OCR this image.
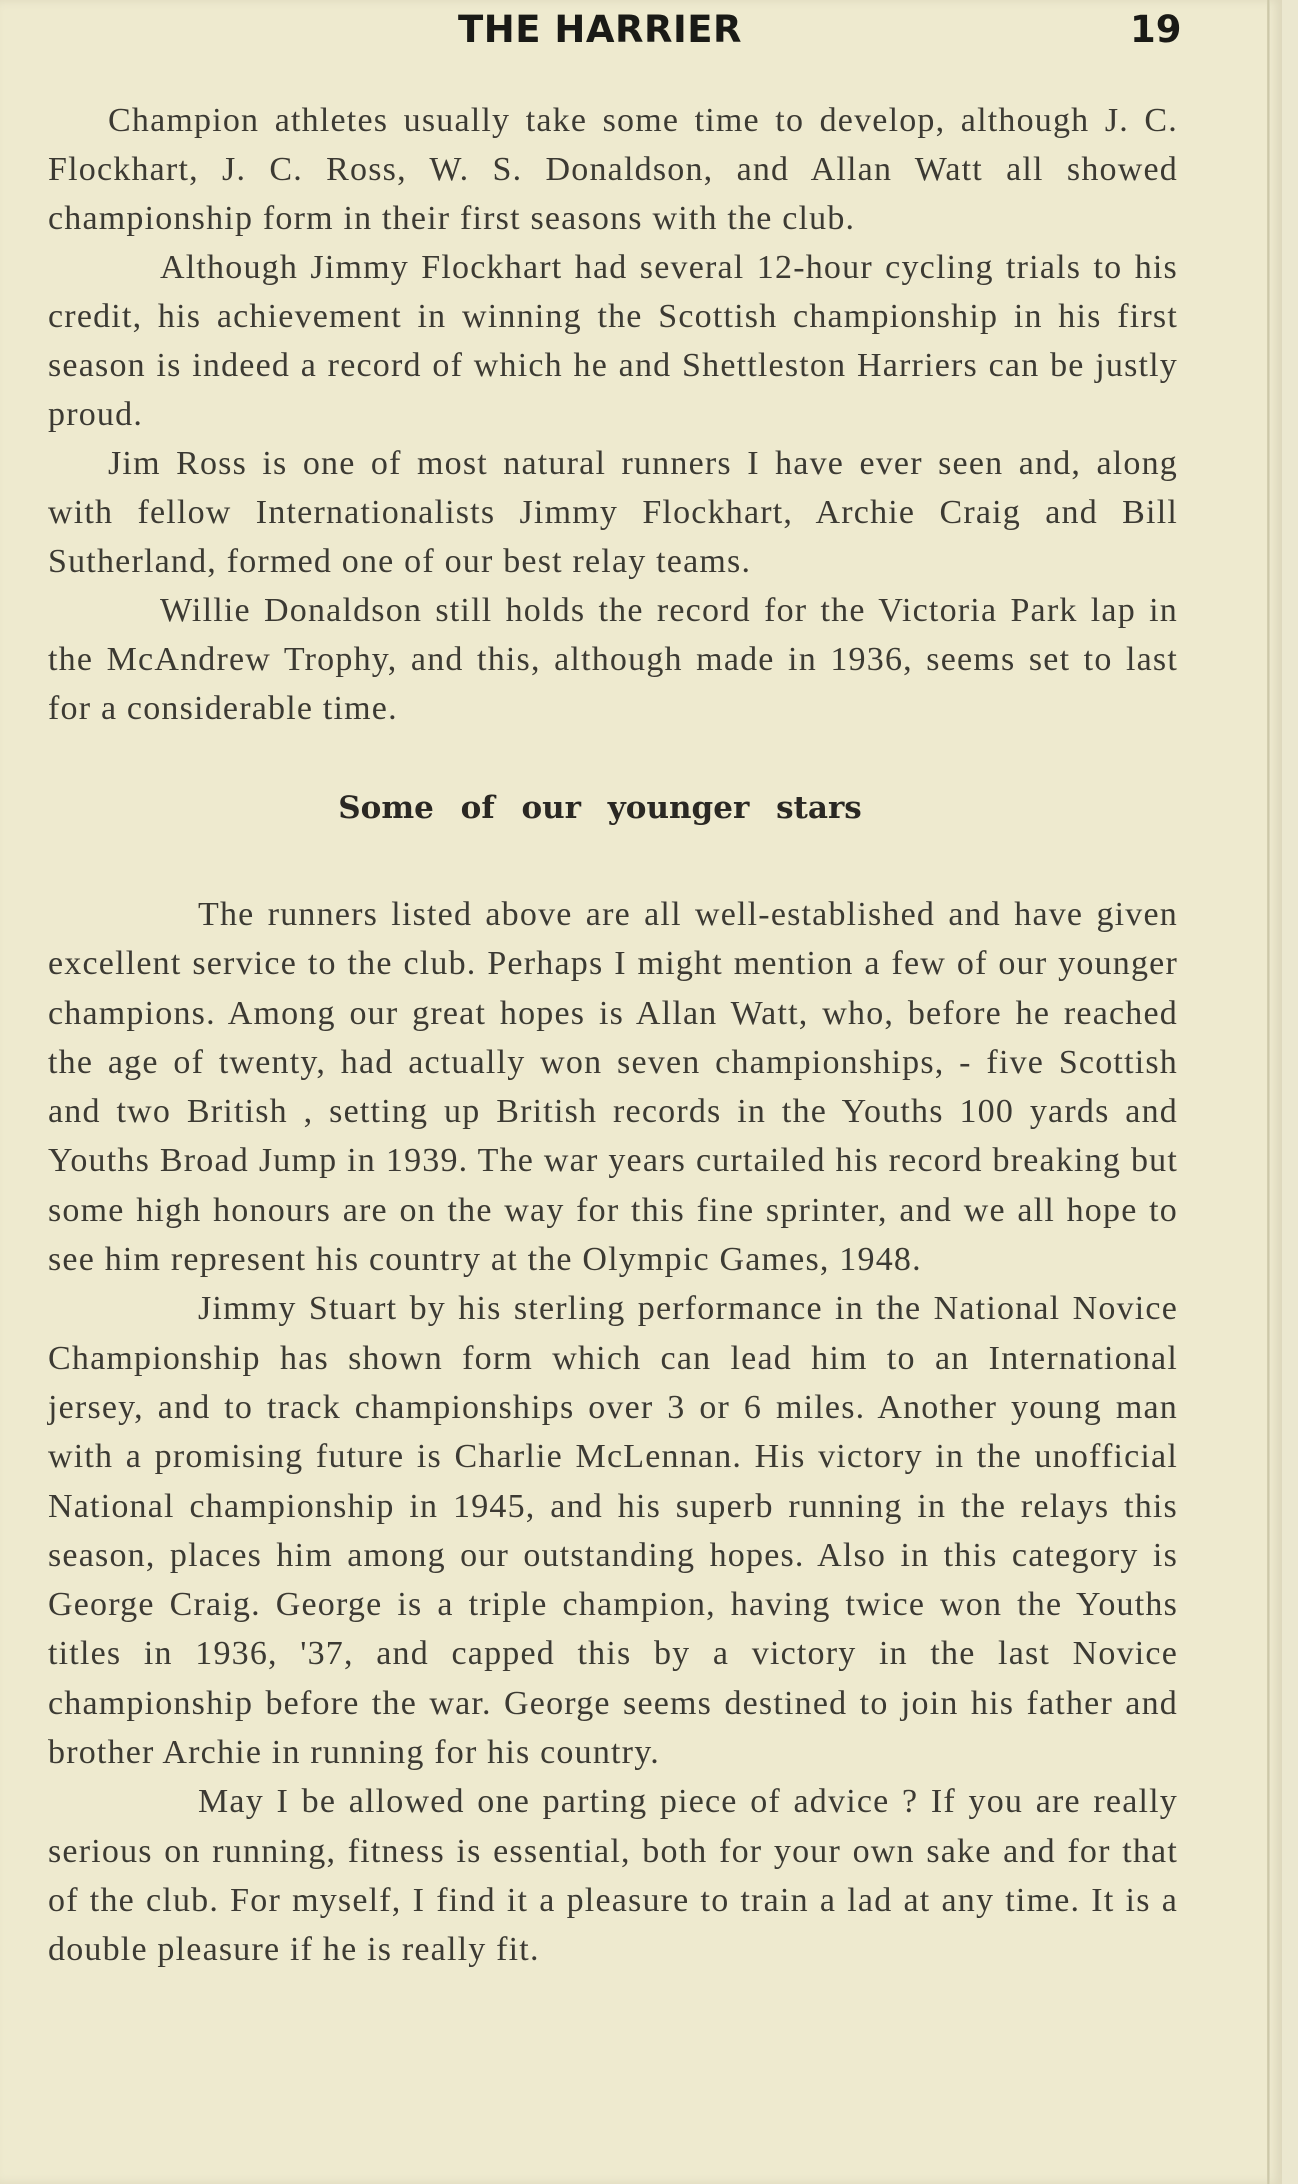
THE HARRIER	19

Champion athletes usually take some time to develop, although J. C. Flockhart, J. C. Ross, W. S. Donaldson, and Allan Watt all showed championship form in their first seasons with the club.

Although Jimmy Flockhart had several 12-hour cycling trials to his credit, his achievement in winning the Scottish championship in his first season is indeed a record of which he and Shettleston Harriers can be justly proud.

Jim Ross is one of most natural runners I have ever seen and, along with fellow Internationalists Jimmy Flockhart, Archie Craig and Bill Sutherland, formed one of our best relay teams.

Willie Donaldson still holds the record for the Victoria Park lap in the McAndrew Trophy, and this, although made in 1936, seems set to last for a considerable time.

Some of our younger stars

The runners listed above are all well-established and have given excellent service to the club. Perhaps I might mention a few of our younger champions. Among our great hopes is Allan Watt, who, before he reached the age of twenty, had actually won seven championships, - five Scottish and two British , setting up British records in the Youths 100 yards and Youths Broad Jump in 1939. The war years curtailed his record breaking but some high honours are on the way for this fine sprinter, and we all hope to see him represent his country at the Olympic Games, 1948.

Jimmy Stuart by his sterling performance in the National Novice Championship has shown form which can lead him to an International jersey, and to track championships over 3 or 6 miles. Another young man with a promising future is Charlie McLennan. His victory in the unofficial National championship in 1945, and his superb running in the relays this season, places him among our outstanding hopes. Also in this category is George Craig. George is a triple champion, having twice won the Youths titles in 1936, '37, and capped this by a victory in the last Novice championship before the war. George seems destined to join his father and brother Archie in running for his country.

May I be allowed one parting piece of advice ? If you are really serious on running, fitness is essential, both for your own sake and for that of the club. For myself, I find it a pleasure to train a lad at any time. It is a double pleasure if he is really fit.
